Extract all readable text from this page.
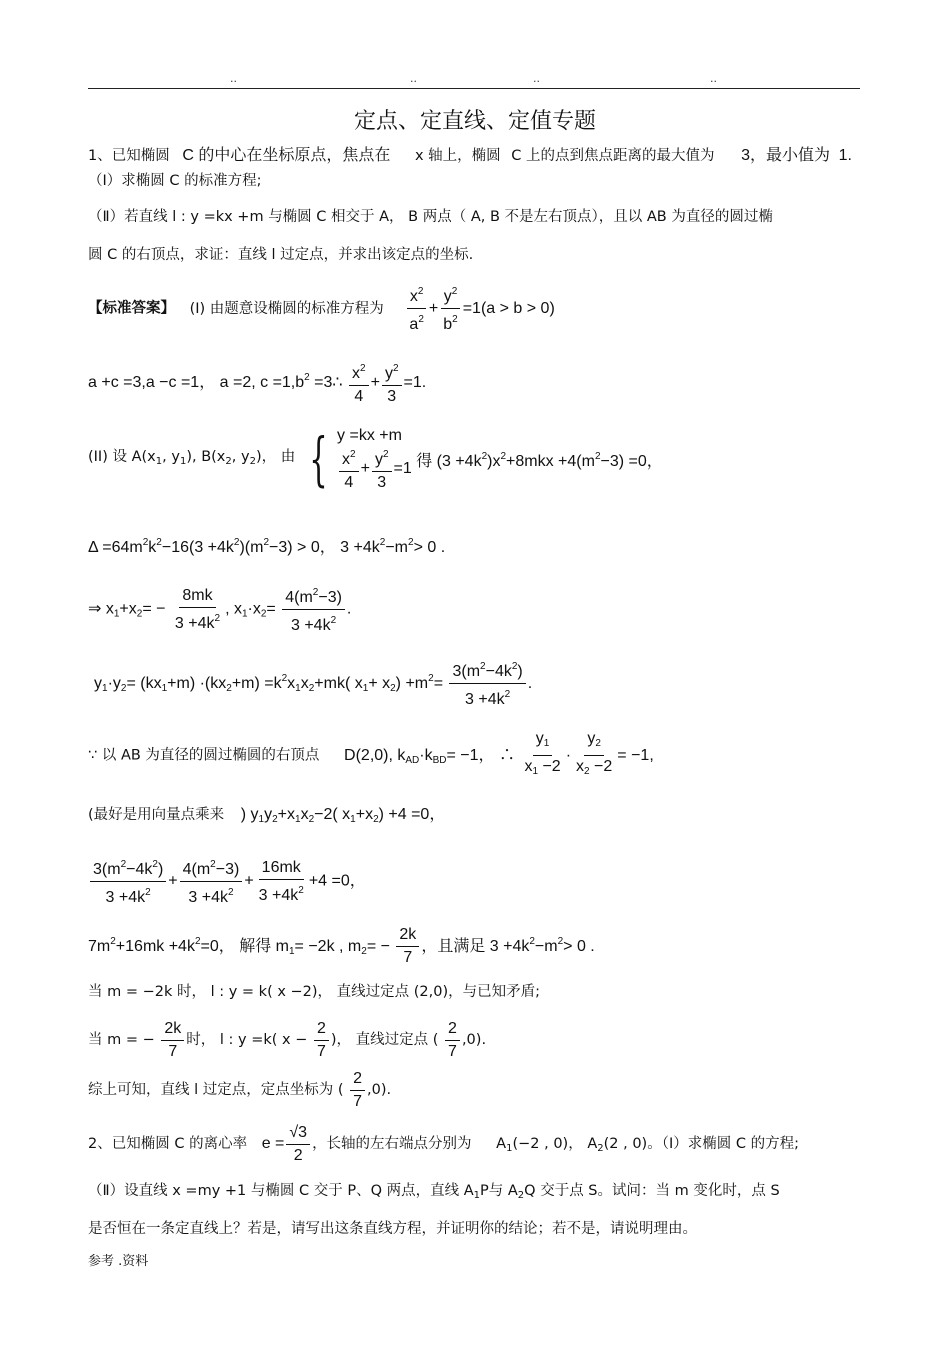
..	..	..	..
定点、定直线、定值专题
1、已知椭圆 C 的中心在坐标原点，焦点在 x 轴上，椭圆 C 上的点到焦点距离的最大值为 3，最小值为 1.
（Ⅰ）求椭圆 C 的标准方程;
（Ⅱ）若直线 l : y =kx +m 与椭圆 C 相交于 A， B 两点（ A, B 不是左右顶点），且以 AB 为直径的圆过椭
圆 C 的右顶点，求证：直线 l 过定点，并求出该定点的坐标.
【标准答案】 (I) 由题意设椭圆的标准方程为 $\frac{x^2}{a^2} + \frac{y^2}{b^2} =1(a > b > 0)$
a +c =3,a −c =1， a =2, $c =1,b^2$ =3∴ $\frac{x^2}{4} + \frac{y^2}{3} =1$.
(II) 设 $A(x_1$, $y_1$), $B(x_2$, $y_2$)， 由 { y =kx +m
$\frac{x^2}{4} + \frac{y^2}{3} =1$ 得 $(3 +4k^2)x^2+8mkx +4(m^2-3) =0$，
$\Delta =64m^2k^2-16(3 +4k^2)(m^2-3) > 0$， $3 +4k^2-m^2> 0$ .
⇒ $x_1+x_2= - \frac{8mk}{3 +4k^2}$ , $x_1\cdot x_2= \frac{4(m^2-3)}{3 +4k^2}$ .
$y_1\cdot y_2= (kx_1+m) \cdot(kx_2+m) =k^2x_1x_2+mk$( $x_1+ x_2) +m^2= \frac{3(m^2-4k^2)}{3 +4k^2}$ .
∵ 以 AB 为直径的圆过椭圆的右顶点 D(2,0), $k_{AD}\cdot k_{BD}= -1$， ∴ $\frac{y_1}{x_1 -2} \cdot \frac{y_2}{x_2 -2} = -1$,
(最好是用向量点乘来 ) $y_1y_2+x_1x_2-2$( $x_1+x_2) +4 =0$，
$\frac{3(m^2-4k^2)}{3 +4k^2} + \frac{4(m^2-3)}{3 +4k^2} + \frac{16mk}{3 +4k^2} +4 =0$，
$7m^2+16mk +4k^2=0$， 解得 $m_1= -2k$ , $m_2= - \frac{2k}{7}$ ，且满足 $3 +4k^2-m^2> 0$ .
当 m = −2k 时， l : y = k( x −2)， 直线过定点 (2,0)，与已知矛盾;
当 m = − $\frac{2k}{7}$ 时， l : y =k( $x - \frac{2}{7}$ )， 直线过定点 ( $\frac{2}{7} ,0$).
综上可知，直线 l 过定点，定点坐标为 ( $\frac{2}{7} ,0$).
2、已知椭圆 C 的离心率 $e = \frac{√3}{2}$ ，长轴的左右端点分别为 $A_1(-2$ , 0)， $A_2(2$ , 0)。（Ⅰ）求椭圆 C 的方程;
（Ⅱ）设直线 x =my +1 与椭圆 C 交于 P、Q 两点，直线 $A_1P$与 $A_2Q$ 交于点 S。试问：当 m 变化时，点 S
是否恒在一条定直线上？若是，请写出这条直线方程，并证明你的结论；若不是，请说明理由。
参考 .资料
